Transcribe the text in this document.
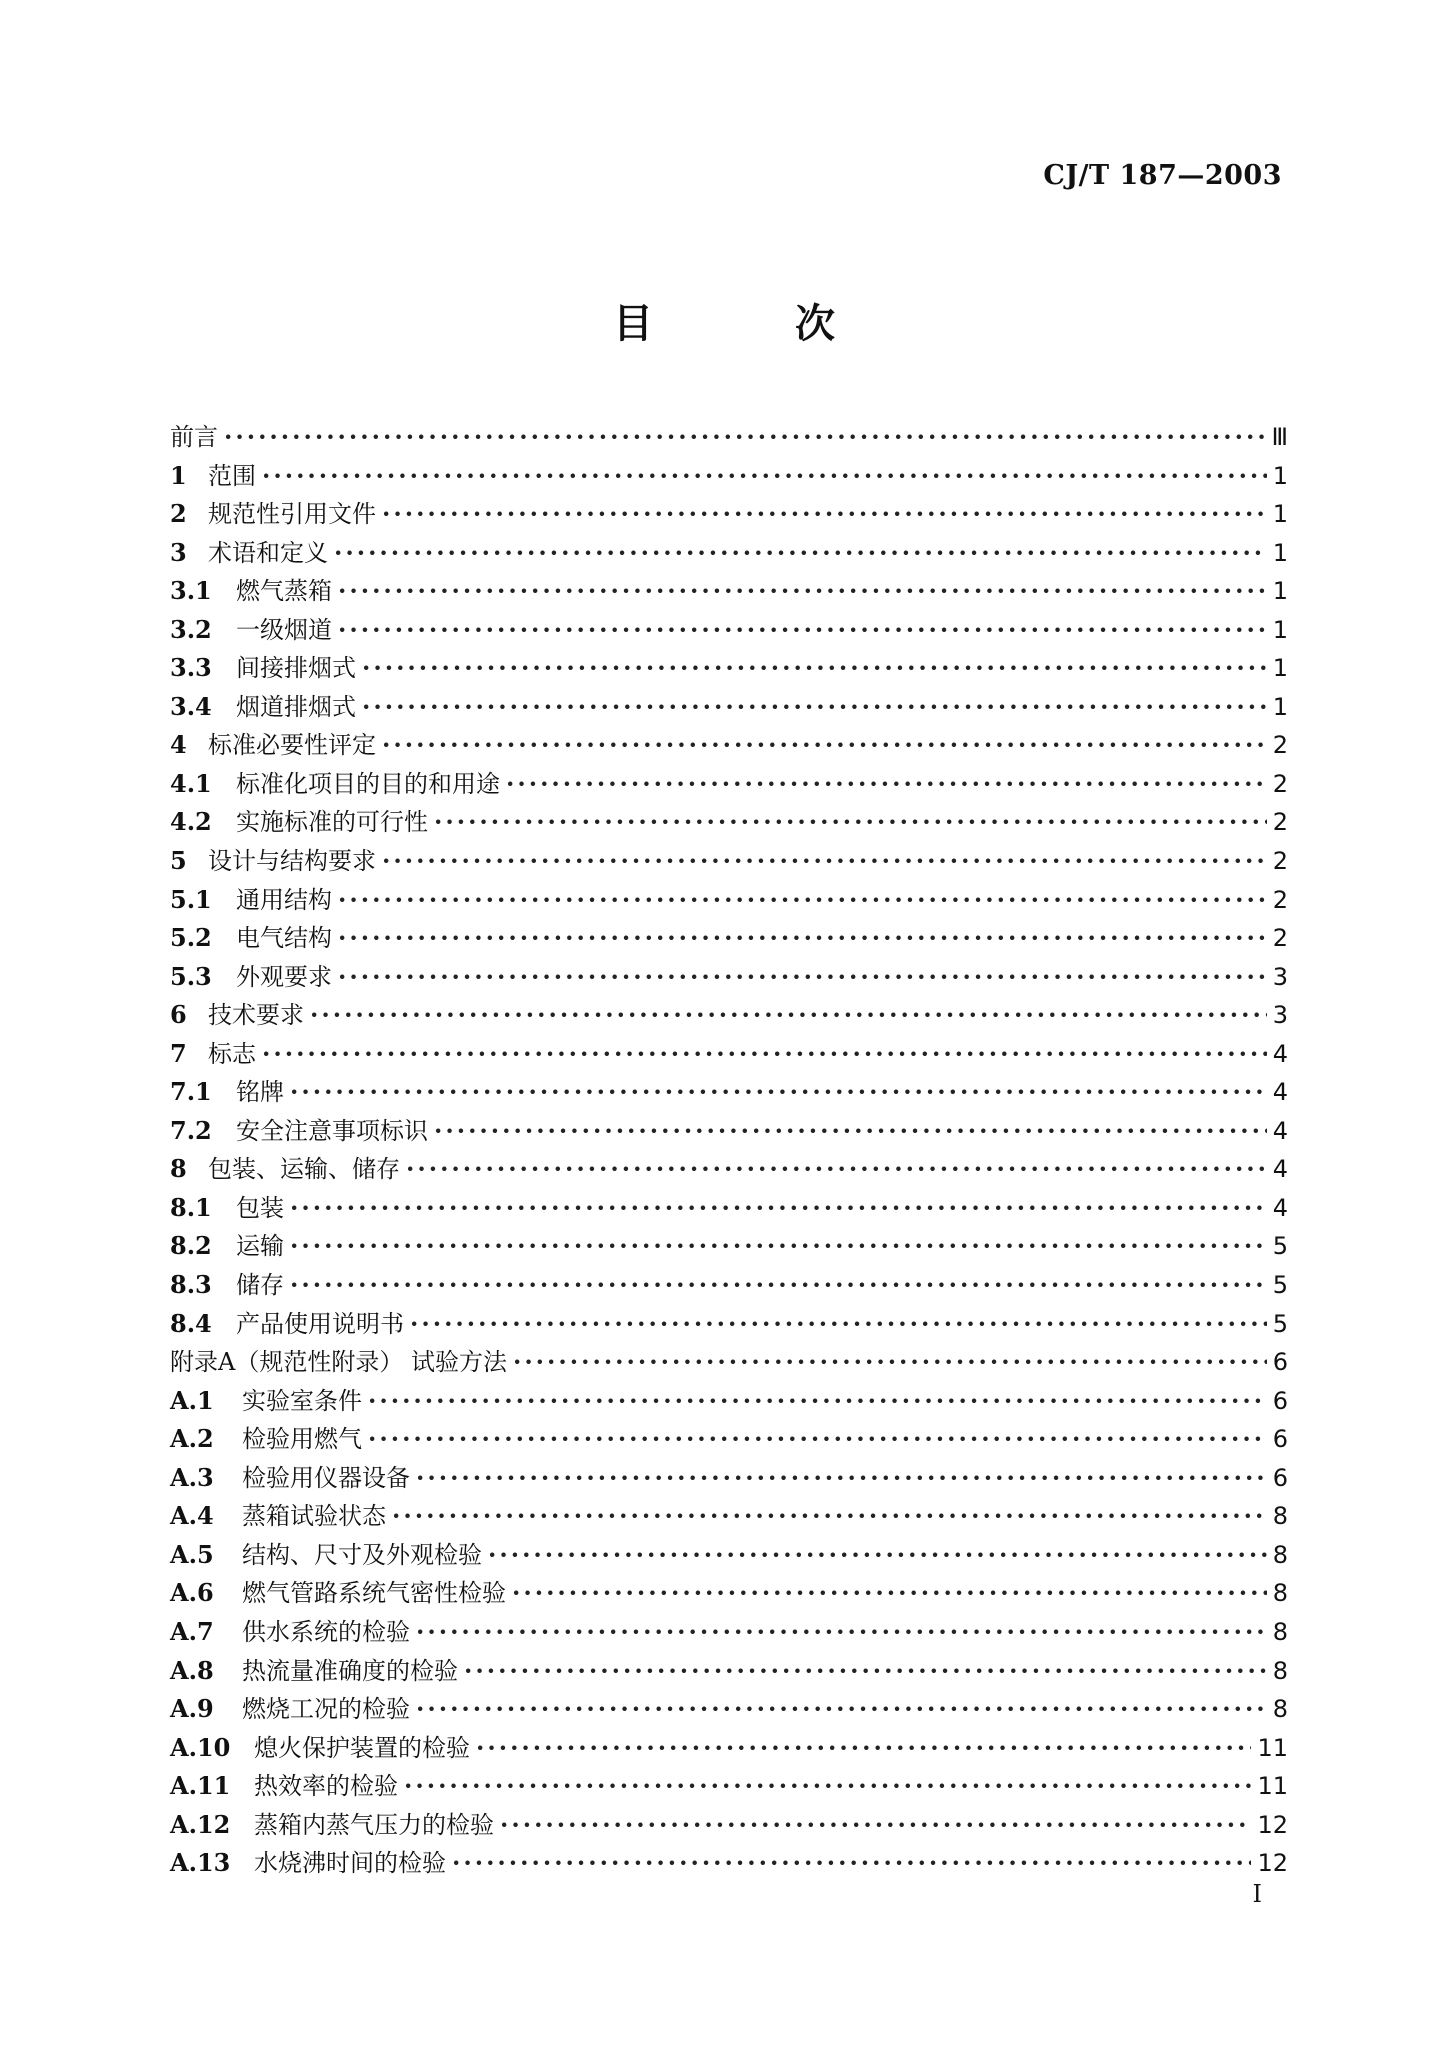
CJ/T 187—2003
目 次
前言 ·····	Ⅲ
1 范围 ·····	1
2 规范性引用文件 ·····	1
3 术语和定义 ·····	1
3.1	燃气蒸箱 ·····	1
3.2	一级烟道 ·····	1
3.3	间接排烟式 ·····	1
3.4	烟道排烟式 ·····	1
4 标准必要性评定 ·····	2
4.1	标准化项目的目的和用途 ·····	2
4.2	实施标准的可行性 ·····	2
5 设计与结构要求 ·····	2
5.1	通用结构 ·····	2
5.2	电气结构 ·····	2
5.3	外观要求 ·····	3
6 技术要求 ·····	3
7 标志 ·····	4
7.1	铭牌 ·····	4
7.2	安全注意事项标识 ·····	4
8 包装、运输、储存 ·····	4
8.1	包装 ·····	4
8.2	运输 ·····	5
8.3	储存 ·····	5
8.4	产品使用说明书 ·····	5
附录A（规范性附录） 试验方法 ·····	6
A.1	实验室条件 ·····	6
A.2	检验用燃气 ·····	6
A.3	检验用仪器设备 ·····	6
A.4	蒸箱试验状态 ·····	8
A.5	结构、尺寸及外观检验 ·····	8
A.6	燃气管路系统气密性检验 ·····	8
A.7	供水系统的检验 ·····	8
A.8	热流量准确度的检验 ·····	8
A.9	燃烧工况的检验 ·····	8
A.10 熄火保护装置的检验 ·····	11
A.11 热效率的检验 ·····	11
A.12 蒸箱内蒸气压力的检验 ·····	12
A.13 水烧沸时间的检验 ·····	12
I
